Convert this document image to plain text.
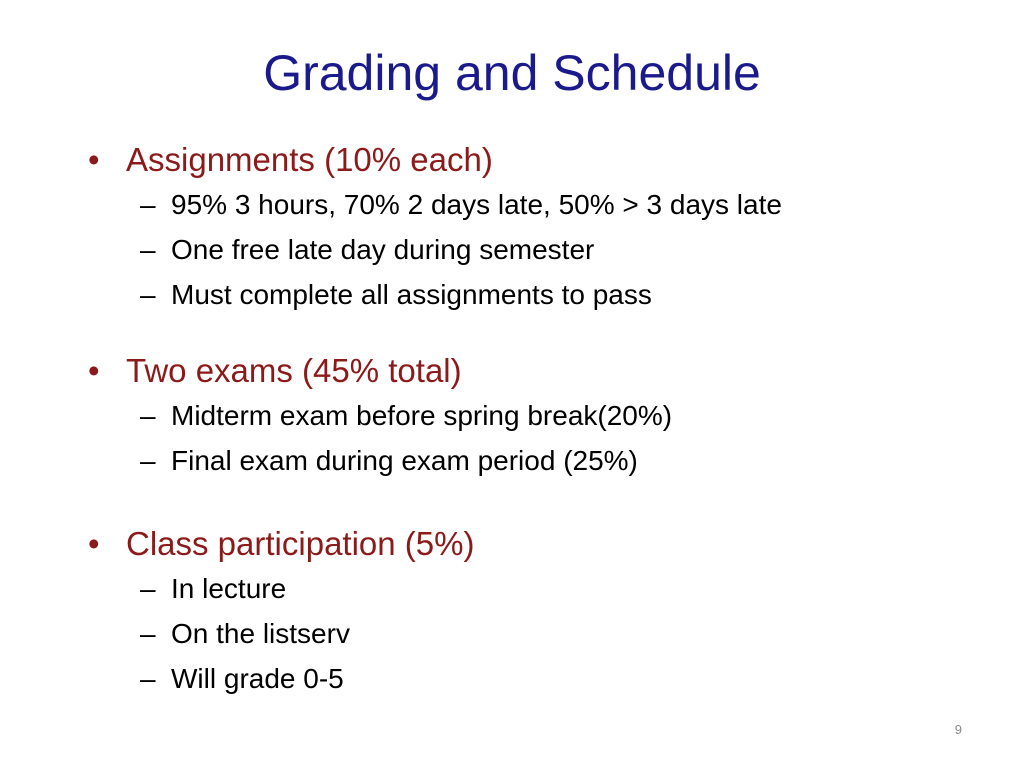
Grading and Schedule
• Assignments (10% each)
– 95% 3 hours, 70% 2 days late, 50% > 3 days late
– One free late day during semester
– Must complete all assignments to pass
• Two exams (45% total)
– Midterm exam before spring break(20%)
– Final exam during exam period (25%)
• Class participation (5%)
– In lecture
– On the listserv
– Will grade 0-5
9
